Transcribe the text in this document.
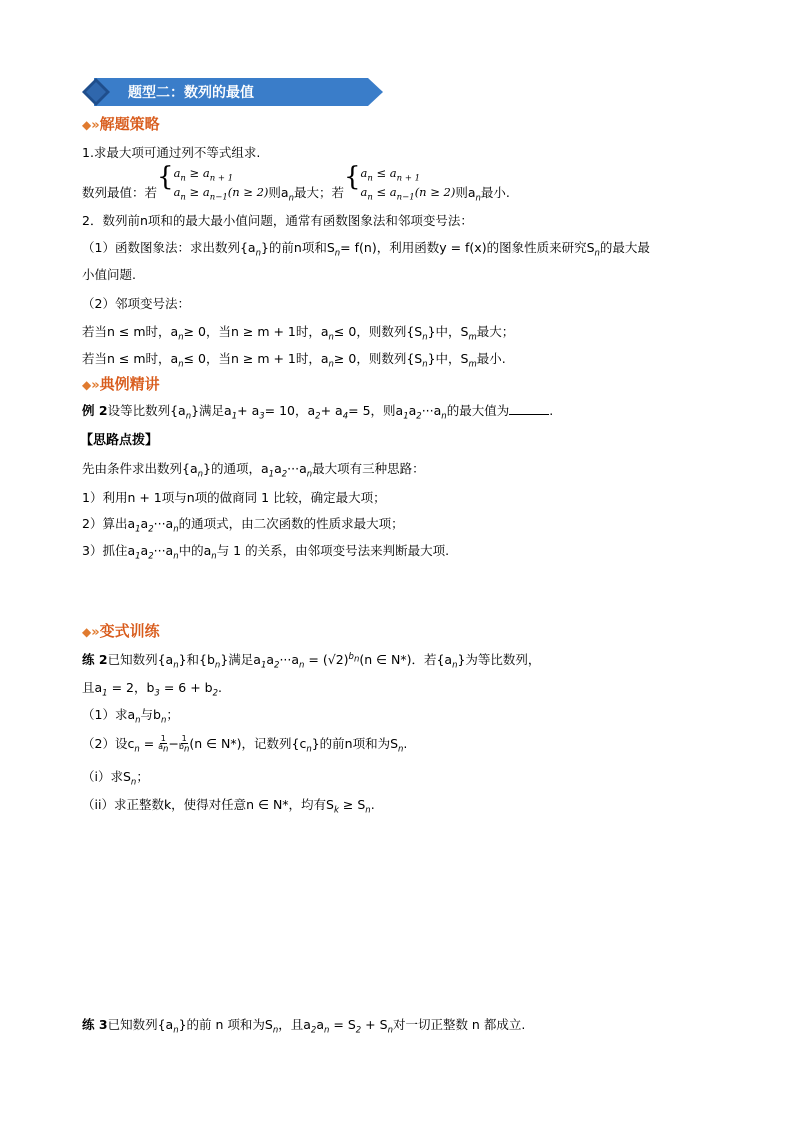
题型二：数列的最值
◆»解题策略
1.求最大项可通过列不等式组求.
数列最值：若{$a_n \ge a_{n + 1}$
$a_n \ge a_{n-1}(n \ge 2)$则$a_n$最大；若{$a_n \le a_{n + 1}$
$a_n \le a_{n-1}(n \ge 2)$则$a_n$最小.
2．数列前n项和的最大最小值问题，通常有函数图象法和邻项变号法：
（1）函数图象法：求出数列$\{a_n\}$的前n项和$S_n= f(n)$，利用函数y = f(x)的图象性质来研究$S_n$的最大最
小值问题.
（2）邻项变号法：
若当n ≤ m时，$a_n\ge 0$，当n ≥ m + 1时，$a_n\le 0$，则数列$\{S_n\}$中，$S_m$最大；
若当n ≤ m时，$a_n\le 0$，当n ≥ m + 1时，$a_n\ge 0$，则数列$\{S_n\}$中，$S_m$最小.
◆»典例精讲
例 2设等比数列$\{a_n\}$满足$a_1+ a_3= 10$，$a_2+ a_4= 5$，则$a_1a_2\cdot\cdot\cdot a_n$的最大值为	.
【思路点拨】
先由条件求出数列$\{a_n\}$的通项，$a_1a_2\cdot\cdot\cdot a_n$最大项有三种思路：
1）利用n + 1项与n项的做商同 1 比较，确定最大项；
2）算出$a_1a_2\cdot\cdot\cdot a_n$的通项式，由二次函数的性质求最大项；
3）抓住$a_1a_2\cdot\cdot\cdot a_n$中的$a_n$与 1 的关系，由邻项变号法来判断最大项.
◆»变式训练
练 2已知数列$\{a_n\}$和$\{b_n\}$满足$a_1a_2\cdot\cdot\cdot a_n = (√2)^{b_n}(n$ ∈ N*)．若$\{a_n\}$为等比数列，
且$a_1 = 2$，$b_3 = 6 + b_2$.
（1）求$a_n$与$b_n$；
（2）设$c_n = \frac{1}{a_n}-\frac{1}{b_n}(n$ ∈ N*)，记数列$\{c_n\}$的前n项和为$S_n$.
（i）求$S_n$；
（ii）求正整数k，使得对任意n ∈ N*，均有$S_k \ge S_n$.
练 3已知数列$\{a_n\}$的前 n 项和为$S_n$，且$a_2a_n = S_2 + S_n$对一切正整数 n 都成立.
